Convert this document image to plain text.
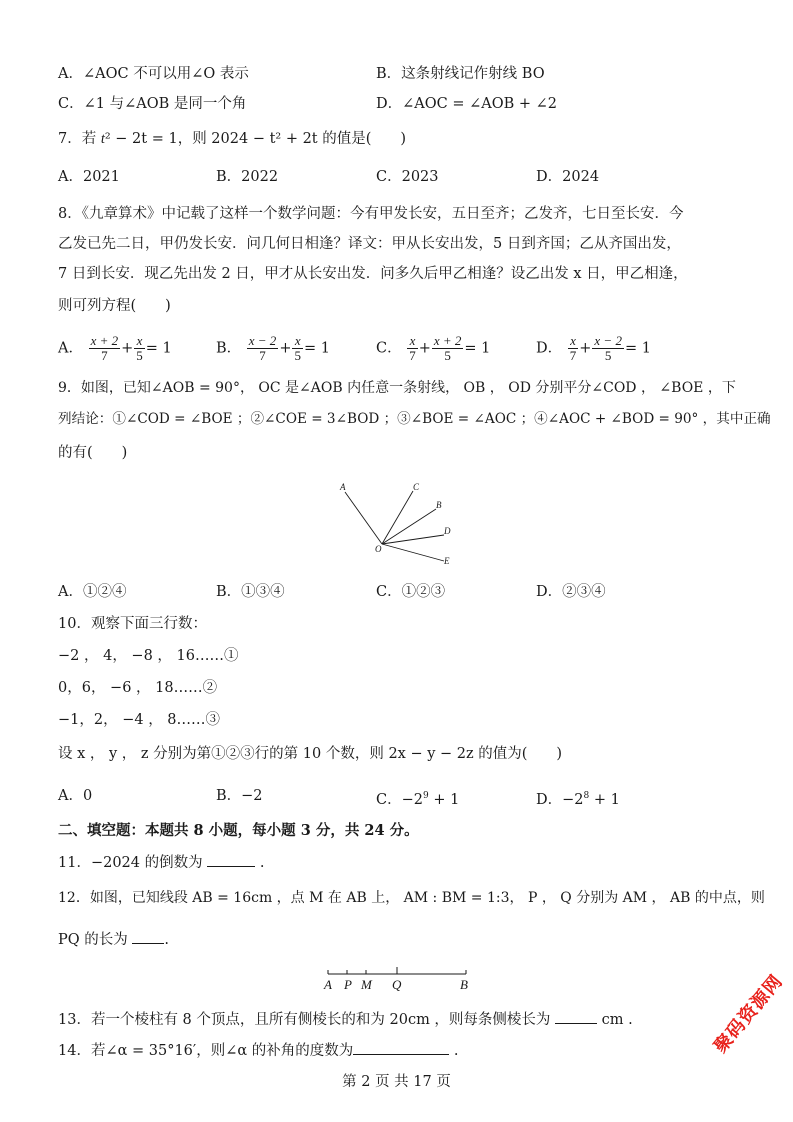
A．∠AOC 不可以用∠O 表示	B．这条射线记作射线 BO
C．∠1 与∠AOB 是同一个角	D．∠AOC = ∠AOB + ∠2
7．若 t² − 2t = 1，则 2024 − t² + 2t 的值是(　　)
A．2021	B．2022	C．2023	D．2024
8．《九章算术》中记载了这样一个数学问题：今有甲发长安，五日至齐；乙发齐，七日至长安．今
乙发已先二日，甲仍发长安．问几何日相逢？译文：甲从长安出发，5 日到齐国；乙从齐国出发，
7 日到长安．现乙先出发 2 日，甲才从长安出发．问多久后甲乙相逢？设乙出发 x 日，甲乙相逢，
则可列方程(　　)
A． $\frac{x + 2}{7} + \frac{x}{5} = 1$	B． $\frac{x - 2}{7} + \frac{x}{5} = 1$	C． $\frac{x}{7} + \frac{x + 2}{5} = 1$	D． $\frac{x}{7} + \frac{x - 2}{5} = 1$
9．如图，已知∠AOB = 90°， OC 是∠AOB 内任意一条射线， OB ， OD 分别平分∠COD ， ∠BOE ，下
列结论：①∠COD = ∠BOE ；②∠COE = 3∠BOD ；③∠BOE = ∠AOC ；④∠AOC + ∠BOD = 90° ，其中正确
的有(　　)
A	C
B
D
E
O
A．①②④	B．①③④	C．①②③	D．②③④
10．观察下面三行数：
−2 ， 4， −8 ， 16……①
0，6， −6 ， 18……②
−1，2， −4 ， 8……③
设 x ， y ， z 分别为第①②③行的第 10 个数，则 2x − y − 2z 的值为(　　)
A．0	B．−2	C．$-2^9 + 1$	D．$-2^8 + 1$
二、填空题：本题共 8 小题，每小题 3 分，共 24 分。
11．−2024 的倒数为	.
12．如图，已知线段 AB = 16cm ，点 M 在 AB 上， AM : BM = 1:3， P ， Q 分别为 AM ， AB 的中点，则
PQ 的长为 .
A P M Q	B
13．若一个棱柱有 8 个顶点，且所有侧棱长的和为 20cm ，则每条侧棱长为	cm .
14．若∠α = 35°16′，则∠α 的补角的度数为	.
第 2 页 共 17 页
聚码资源网
